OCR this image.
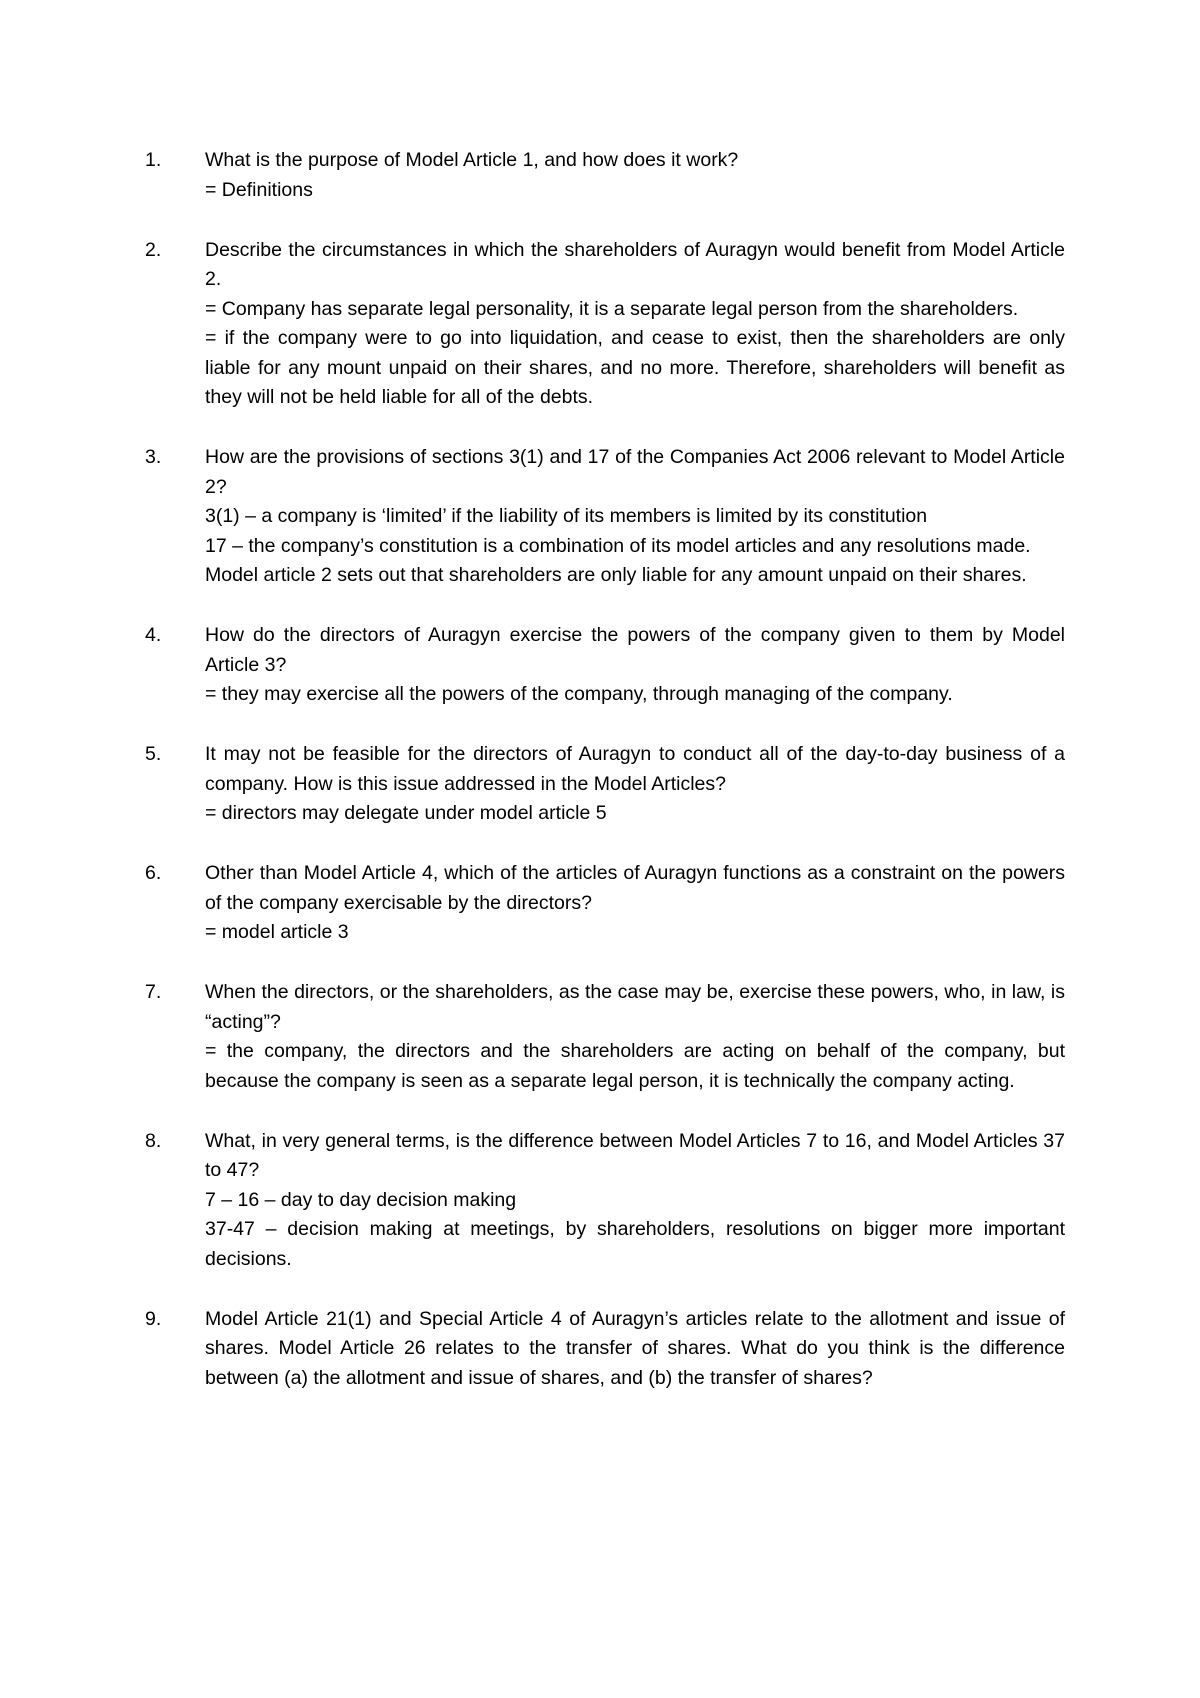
1.	What is the purpose of Model Article 1, and how does it work?

= Definitions

2.	Describe the circumstances in which the shareholders of Auragyn would benefit from Model Article 2.

= Company has separate legal personality, it is a separate legal person from the shareholders.

= if the company were to go into liquidation, and cease to exist, then the shareholders are only liable for any mount unpaid on their shares, and no more. Therefore, shareholders will benefit as they will not be held liable for all of the debts.

3.	How are the provisions of sections 3(1) and 17 of the Companies Act 2006 relevant to Model Article 2?

3(1) – a company is ‘limited’ if the liability of its members is limited by its constitution

17 – the company’s constitution is a combination of its model articles and any resolutions made.

Model article 2 sets out that shareholders are only liable for any amount unpaid on their shares.

4.	How do the directors of Auragyn exercise the powers of the company given to them by Model Article 3?

= they may exercise all the powers of the company, through managing of the company.

5.	It may not be feasible for the directors of Auragyn to conduct all of the day-to-day business of a company. How is this issue addressed in the Model Articles?

= directors may delegate under model article 5

6.	Other than Model Article 4, which of the articles of Auragyn functions as a constraint on the powers of the company exercisable by the directors?

= model article 3

7.	When the directors, or the shareholders, as the case may be, exercise these powers, who, in law, is “acting”?

= the company, the directors and the shareholders are acting on behalf of the company, but because the company is seen as a separate legal person, it is technically the company acting.

8.	What, in very general terms, is the difference between Model Articles 7 to 16, and Model Articles 37 to 47?

7 – 16 – day to day decision making

37-47 – decision making at meetings, by shareholders, resolutions on bigger more important decisions.

9.	Model Article 21(1) and Special Article 4 of Auragyn’s articles relate to the allotment and issue of shares. Model Article 26 relates to the transfer of shares. What do you think is the difference between (a) the allotment and issue of shares, and (b) the transfer of shares?
